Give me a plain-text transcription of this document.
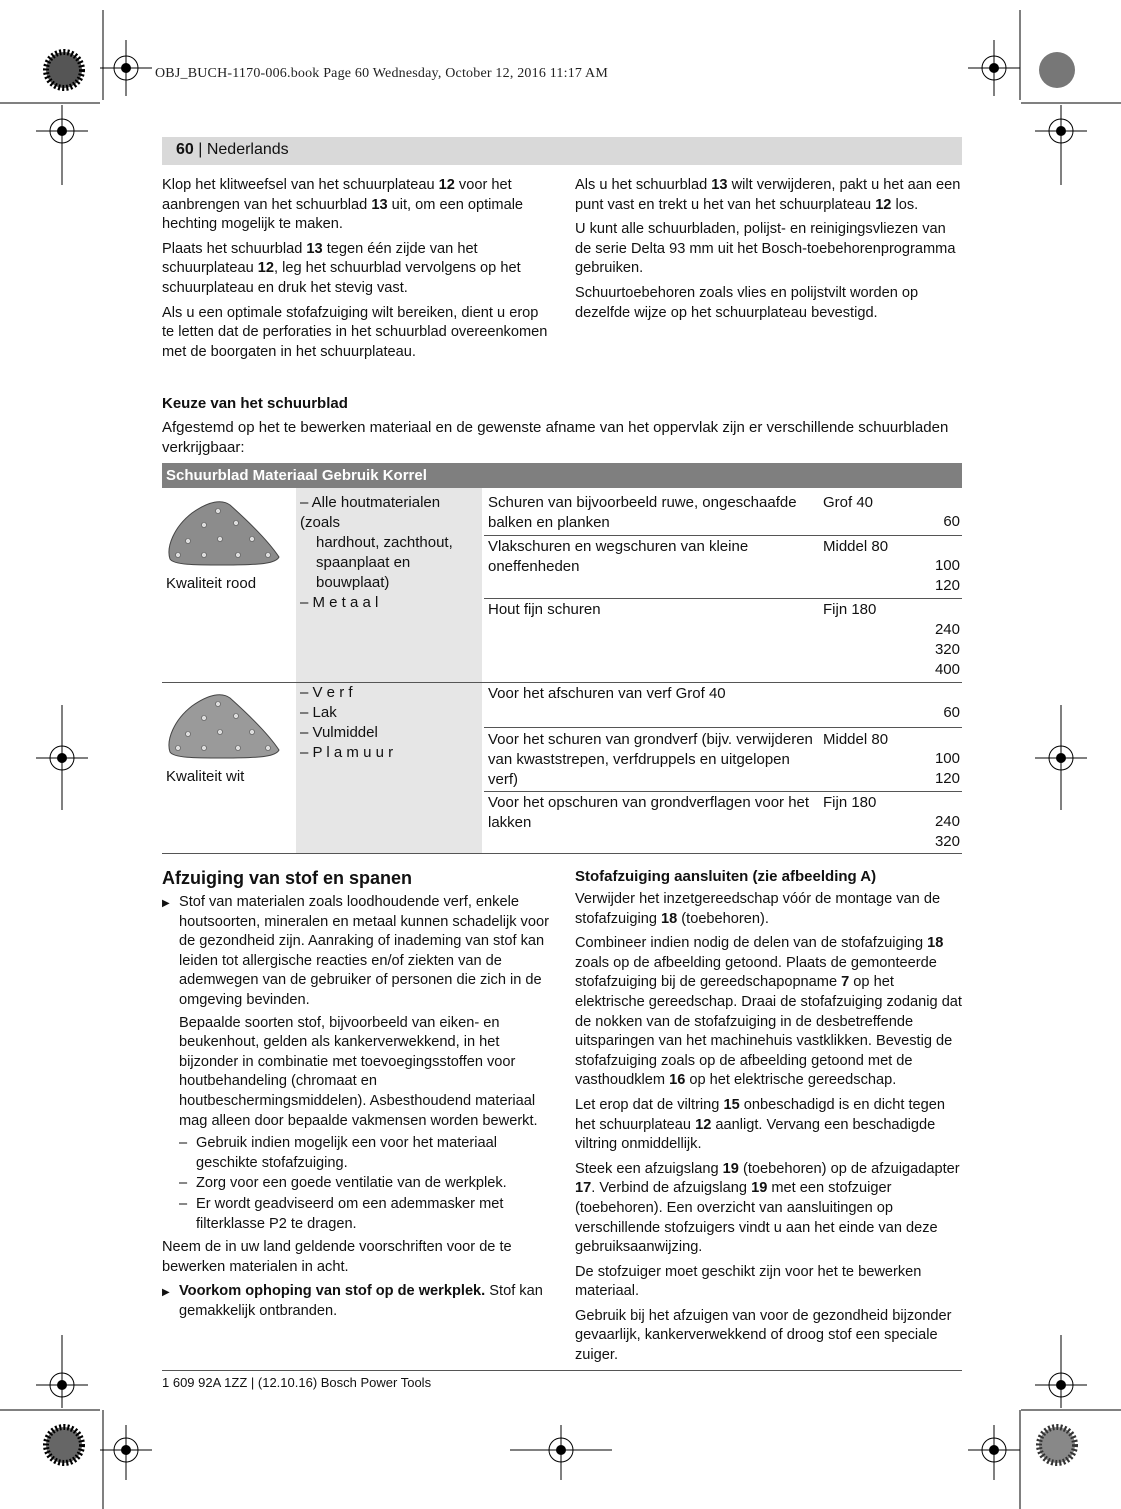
OBJ_BUCH-1170-006.book Page 60 Wednesday, October 12, 2016 11:17 AM
60 | Nederlands

Klop het klitweefsel van het schuurplateau 12 voor het aanbrengen van het schuurblad 13 uit, om een optimale hechting mogelijk te maken.

Plaats het schuurblad 13 tegen één zijde van het schuurplateau 12, leg het schuurblad vervolgens op het schuurplateau en druk het stevig vast.

Als u een optimale stofafzuiging wilt bereiken, dient u erop te letten dat de perforaties in het schuurblad overeenkomen met de boorgaten in het schuurplateau.

Als u het schuurblad 13 wilt verwijderen, pakt u het aan een punt vast en trekt u het van het schuurplateau 12 los.

U kunt alle schuurbladen, polijst- en reinigingsvliezen van de serie Delta 93 mm uit het Bosch-toebehorenprogramma gebruiken.

Schuurtoebehoren zoals vlies en polijstvilt worden op dezelfde wijze op het schuurplateau bevestigd.

Keuze van het schuurblad
Afgestemd op het te bewerken materiaal en de gewenste afname van het oppervlak zijn er verschillende schuurbladen verkrijgbaar:
Schuurblad Materiaal Gebruik Korrel
Kwaliteit rood
Kwaliteit wit
– Alle houtmaterialen (zoals
hardhout, zachthout,
spaanplaat en bouwplaat)
– M e t a a l
– V e r f
– Lak
– Vulmiddel
– P l a m u u r
Schuren van bijvoorbeeld ruwe, ongeschaafde balken en planken
Grof 40
60
Vlakschuren en wegschuren van kleine oneffenheden
Middel 80
100
120
Hout fijn schuren	Fijn 180
240
320
400
Voor het afschuren van verf Grof 40
60
Voor het schuren van grondverf (bijv. verwijderen van kwaststrepen, verfdruppels en uitgelopen verf)
Middel 80
100
120
Voor het opschuren van grondverflagen voor het lakken
Fijn 180
240
320
Afzuiging van stof en spanen
▶ Stof van materialen zoals loodhoudende verf, enkele houtsoorten, mineralen en metaal kunnen schadelijk voor de gezondheid zijn. Aanraking of inademing van stof kan leiden tot allergische reacties en/of ziekten van de ademwegen van de gebruiker of personen die zich in de omgeving bevinden.
Bepaalde soorten stof, bijvoorbeeld van eiken- en beukenhout, gelden als kankerverwekkend, in het bijzonder in combinatie met toevoegingsstoffen voor houtbehandeling (chromaat en houtbeschermingsmiddelen). Asbesthoudend materiaal mag alleen door bepaalde vakmensen worden bewerkt.
– Gebruik indien mogelijk een voor het materiaal geschikte stofafzuiging.
– Zorg voor een goede ventilatie van de werkplek.
– Er wordt geadviseerd om een ademmasker met filterklasse P2 te dragen.

Neem de in uw land geldende voorschriften voor de te bewerken materialen in acht.

▶ Voorkom ophoping van stof op de werkplek. Stof kan gemakkelijk ontbranden.
Stofafzuiging aansluiten (zie afbeelding A)

Verwijder het inzetgereedschap vóór de montage van de stofafzuiging 18 (toebehoren).

Combineer indien nodig de delen van de stofafzuiging 18 zoals op de afbeelding getoond. Plaats de gemonteerde stofafzuiging bij de gereedschapopname 7 op het elektrische gereedschap. Draai de stofafzuiging zodanig dat de nokken van de stofafzuiging in de desbetreffende uitsparingen van het machinehuis vastklikken. Bevestig de stofafzuiging zoals op de afbeelding getoond met de vasthoudklem 16 op het elektrische gereedschap.

Let erop dat de viltring 15 onbeschadigd is en dicht tegen het schuurplateau 12 aanligt. Vervang een beschadigde viltring onmiddellijk.

Steek een afzuigslang 19 (toebehoren) op de afzuigadapter 17. Verbind de afzuigslang 19 met een stofzuiger (toebehoren). Een overzicht van aansluitingen op verschillende stofzuigers vindt u aan het einde van deze gebruiksaanwijzing.

De stofzuiger moet geschikt zijn voor het te bewerken materiaal.

Gebruik bij het afzuigen van voor de gezondheid bijzonder gevaarlijk, kankerverwekkend of droog stof een speciale zuiger.

1 609 92A 1ZZ | (12.10.16) Bosch Power Tools
